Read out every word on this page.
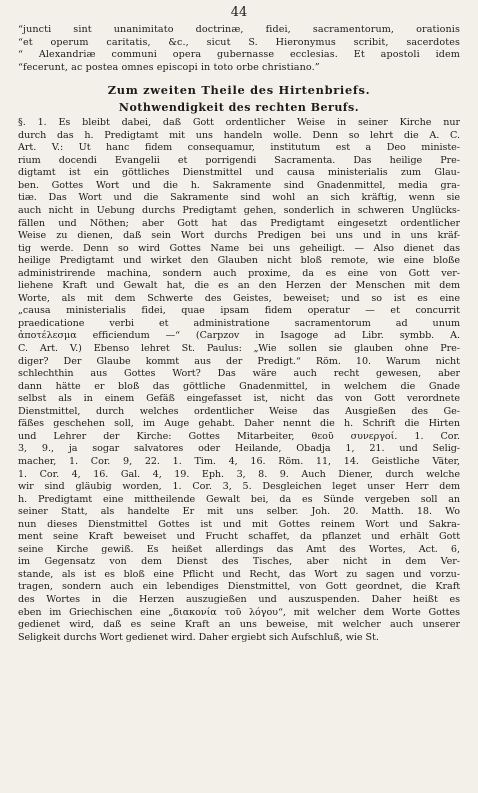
44
“juncti sint unanimitato doctrinæ, fidei, sacramentorum, orationis
“et operum caritatis, &c., sicut S. Hieronymus scribit, sacerdotes
“ Alexandriæ communi opera gubernasse ecclesias. Et apostoli idem
“fecerunt, ac postea omnes episcopi in toto orbe christiano.”
Zum zweiten Theile des Hirtenbriefs.
Nothwendigkeit des rechten Berufs.
§. 1. Es bleibt dabei, daß Gott ordentlicher Weise in seiner Kirche nur
durch das h. Predigtamt mit uns handeln wolle. Denn so lehrt die A. C.
Art. V.: Ut hanc fidem consequamur, institutum est a Deo ministe-
rium docendi Evangelii et porrigendi Sacramenta. Das heilige Pre-
digtamt ist ein göttliches Dienstmittel und causa ministerialis zum Glau-
ben. Gottes Wort und die h. Sakramente sind Gnadenmittel, media gra-
tiæ. Das Wort und die Sakramente sind wohl an sich kräftig, wenn sie
auch nicht in Uebung durchs Predigtamt gehen, sonderlich in schweren Unglücks-
fällen und Nöthen; aber Gott hat das Predigtamt eingesetzt ordentlicher
Weise zu dienen, daß sein Wort durchs Predigen bei uns und in uns kräf-
tig werde. Denn so wird Gottes Name bei uns geheiligt. — Also dienet das
heilige Predigtamt und wirket den Glauben nicht bloß remote, wie eine bloße
administrirende machina, sondern auch proxime, da es eine von Gott ver-
liehene Kraft und Gewalt hat, die es an den Herzen der Menschen mit dem
Worte, als mit dem Schwerte des Geistes, beweiset; und so ist es eine
„causa ministerialis fidei, quae ipsam fidem operatur — et concurrit
praedicatione verbi et administratione sacramentorum ad unum
ἀποτέλεσμα efficiendum —“ (Carpzov in Isagoge ad Libr. symbb. A.
C. Art. V.) Ebenso lehret St. Paulus: „Wie sollen sie glauben ohne Pre-
diger? Der Glaube kommt aus der Predigt.“ Röm. 10. Warum nicht
schlechthin aus Gottes Wort? Das wäre auch recht gewesen, aber
dann hätte er bloß das göttliche Gnadenmittel, in welchem die Gnade
selbst als in einem Gefäß eingefasset ist, nicht das von Gott verordnete
Dienstmittel, durch welches ordentlicher Weise das Ausgießen des Ge-
fäßes geschehen soll, im Auge gehabt. Daher nennt die h. Schrift die Hirten
und Lehrer der Kirche: Gottes Mitarbeiter, θεοῦ συνεργοί. 1. Cor.
3, 9., ja sogar salvatores oder Heilande, Obadja 1, 21. und Selig-
macher, 1. Cor. 9, 22. 1. Tim. 4, 16. Röm. 11, 14. Geistliche Väter,
1. Cor. 4, 16. Gal. 4, 19. Eph. 3, 8. 9. Auch Diener, durch welche
wir sind gläubig worden, 1. Cor. 3, 5. Desgleichen leget unser Herr dem
h. Predigtamt eine mittheilende Gewalt bei, da es Sünde vergeben soll an
seiner Statt, als handelte Er mit uns selber. Joh. 20. Matth. 18. Wo
nun dieses Dienstmittel Gottes ist und mit Gottes reinem Wort und Sakra-
ment seine Kraft beweiset und Frucht schaffet, da pflanzet und erhält Gott
seine Kirche gewiß. Es heißet allerdings das Amt des Wortes, Act. 6,
im Gegensatz von dem Dienst des Tisches, aber nicht in dem Ver-
stande, als ist es bloß eine Pflicht und Recht, das Wort zu sagen und vorzu-
tragen, sondern auch ein lebendiges Dienstmittel, von Gott geordnet, die Kraft
des Wortes in die Herzen auszugießen und auszuspenden. Daher heißt es
eben im Griechischen eine „διακονία τοῦ λόγου“, mit welcher dem Worte Gottes
gedienet wird, daß es seine Kraft an uns beweise, mit welcher auch unserer
Seligkeit durchs Wort gedienet wird. Daher ergiebt sich Aufschluß, wie St.
